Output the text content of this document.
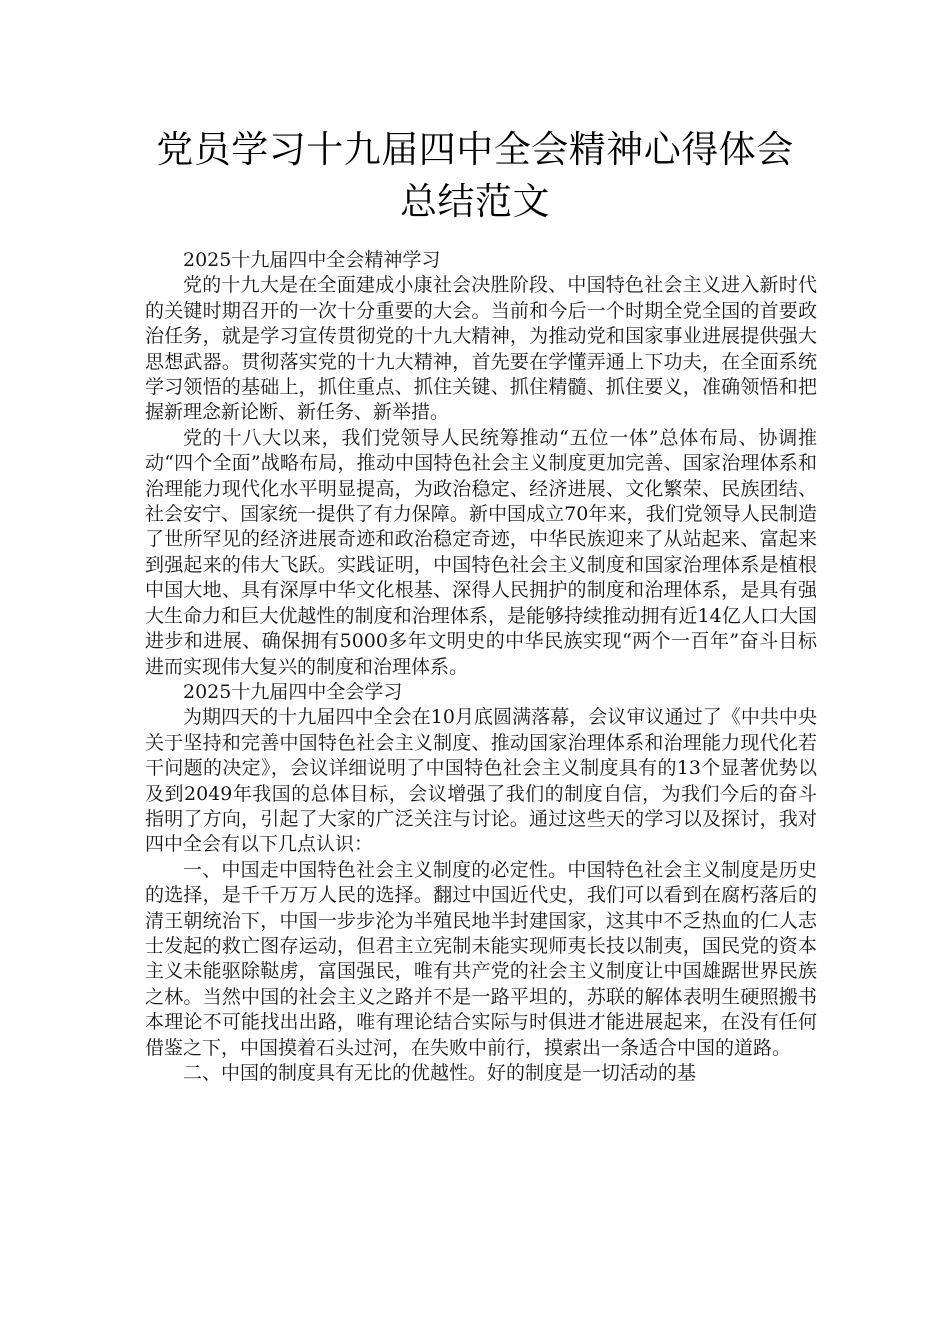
党员学习十九届四中全会精神心得体会
总结范文

2025十九届四中全会精神学习

党的十九大是在全面建成小康社会决胜阶段、中国特色社会主义进入新时代的关键时期召开的一次十分重要的大会。当前和今后一个时期全党全国的首要政治任务，就是学习宣传贯彻党的十九大精神，为推动党和国家事业进展提供强大思想武器。贯彻落实党的十九大精神，首先要在学懂弄通上下功夫，在全面系统学习领悟的基础上，抓住重点、抓住关键、抓住精髓、抓住要义，准确领悟和把握新理念新论断、新任务、新举措。

党的十八大以来，我们党领导人民统筹推动“五位一体”总体布局、协调推动“四个全面”战略布局，推动中国特色社会主义制度更加完善、国家治理体系和治理能力现代化水平明显提高，为政治稳定、经济进展、文化繁荣、民族团结、社会安宁、国家统一提供了有力保障。新中国成立70年来，我们党领导人民制造了世所罕见的经济进展奇迹和政治稳定奇迹，中华民族迎来了从站起来、富起来到强起来的伟大飞跃。实践证明，中国特色社会主义制度和国家治理体系是植根中国大地、具有深厚中华文化根基、深得人民拥护的制度和治理体系，是具有强大生命力和巨大优越性的制度和治理体系，是能够持续推动拥有近14亿人口大国进步和进展、确保拥有5000多年文明史的中华民族实现“两个一百年”奋斗目标进而实现伟大复兴的制度和治理体系。

2025十九届四中全会学习

为期四天的十九届四中全会在10月底圆满落幕，会议审议通过了《中共中央关于坚持和完善中国特色社会主义制度、推动国家治理体系和治理能力现代化若干问题的决定》，会议详细说明了中国特色社会主义制度具有的13个显著优势以及到2049年我国的总体目标，会议增强了我们的制度自信，为我们今后的奋斗指明了方向，引起了大家的广泛关注与讨论。通过这些天的学习以及探讨，我对四中全会有以下几点认识：

一、中国走中国特色社会主义制度的必定性。中国特色社会主义制度是历史的选择，是千千万万人民的选择。翻过中国近代史，我们可以看到在腐朽落后的清王朝统治下，中国一步步沦为半殖民地半封建国家，这其中不乏热血的仁人志士发起的救亡图存运动，但君主立宪制未能实现师夷长技以制夷，国民党的资本主义未能驱除鞑虏，富国强民，唯有共产党的社会主义制度让中国雄踞世界民族之林。当然中国的社会主义之路并不是一路平坦的，苏联的解体表明生硬照搬书本理论不可能找出出路，唯有理论结合实际与时俱进才能进展起来，在没有任何借鉴之下，中国摸着石头过河，在失败中前行，摸索出一条适合中国的道路。

二、中国的制度具有无比的优越性。好的制度是一切活动的基
